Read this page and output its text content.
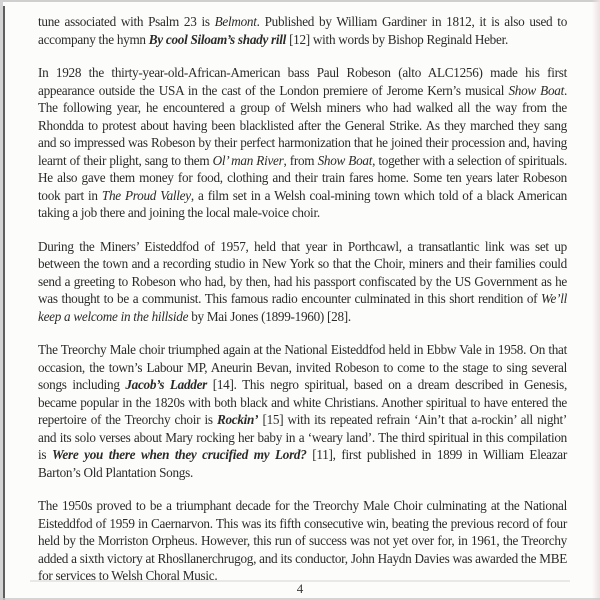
tune associated with Psalm 23 is Belmont. Published by William Gardiner in 1812, it is also used to accompany the hymn By cool Siloam’s shady rill [12] with words by Bishop Reginald Heber.

In 1928 the thirty-year-old-African-American bass Paul Robeson (alto ALC1256) made his first appearance outside the USA in the cast of the London premiere of Jerome Kern’s musical Show Boat. The following year, he encountered a group of Welsh miners who had walked all the way from the Rhondda to protest about having been blacklisted after the General Strike. As they marched they sang and so impressed was Robeson by their perfect harmonization that he joined their procession and, having learnt of their plight, sang to them Ol’ man River, from Show Boat, together with a selection of spirituals. He also gave them money for food, clothing and their train fares home. Some ten years later Robeson took part in The Proud Valley, a film set in a Welsh coal-mining town which told of a black American taking a job there and joining the local male-voice choir.

During the Miners’ Eisteddfod of 1957, held that year in Porthcawl, a transatlantic link was set up between the town and a recording studio in New York so that the Choir, miners and their families could send a greeting to Robeson who had, by then, had his passport confiscated by the US Government as he was thought to be a communist. This famous radio encounter culminated in this short rendition of We’ll keep a welcome in the hillside by Mai Jones (1899-1960) [28].

The Treorchy Male choir triumphed again at the National Eisteddfod held in Ebbw Vale in 1958. On that occasion, the town’s Labour MP, Aneurin Bevan, invited Robeson to come to the stage to sing several songs including Jacob’s Ladder [14]. This negro spiritual, based on a dream described in Genesis, became popular in the 1820s with both black and white Christians. Another spiritual to have entered the repertoire of the Treorchy choir is Rockin’ [15] with its repeated refrain ‘Ain’t that a-rockin’ all night’ and its solo verses about Mary rocking her baby in a ‘weary land’. The third spiritual in this compilation is Were you there when they crucified my Lord? [11], first published in 1899 in William Eleazar Barton’s Old Plantation Songs.

The 1950s proved to be a triumphant decade for the Treorchy Male Choir culminating at the National Eisteddfod of 1959 in Caernarvon. This was its fifth consecutive win, beating the previous record of four held by the Morriston Orpheus. However, this run of success was not yet over for, in 1961, the Treorchy added a sixth victory at Rhosllanerchrugog, and its conductor, John Haydn Davies was awarded the MBE for services to Welsh Choral Music.

4
